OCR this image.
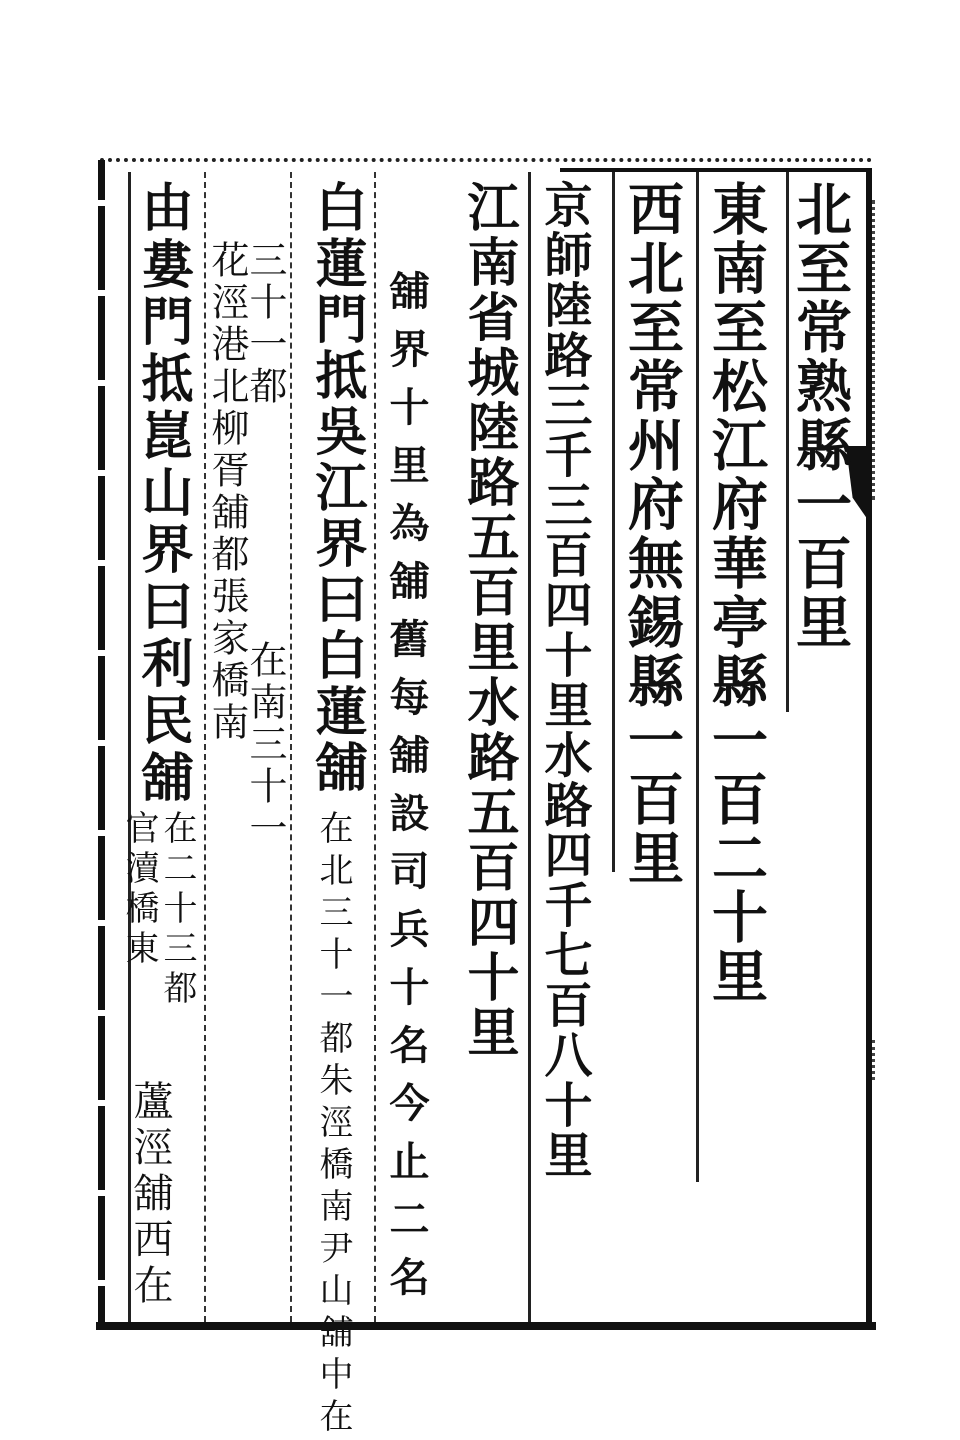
北至常熟縣一百里
東南至松江府華亭縣一百二十里
西北至常州府無錫縣一百里
京師陸路三千三百四十里水路四千七百八十里
江南省城陸路五百里水路五百四十里
舖界十里為舖舊每舖設司兵十名今止二名
白蓮門抵吳江界曰白蓮舖
在北三十一都朱涇橋南尹山舖中在
三十一都
花涇港北柳胥舖都張家橋南
在南三十一
由婁門抵崑山界曰利民舖
官瀆橋東
在二十三都
蘆涇舖西在
